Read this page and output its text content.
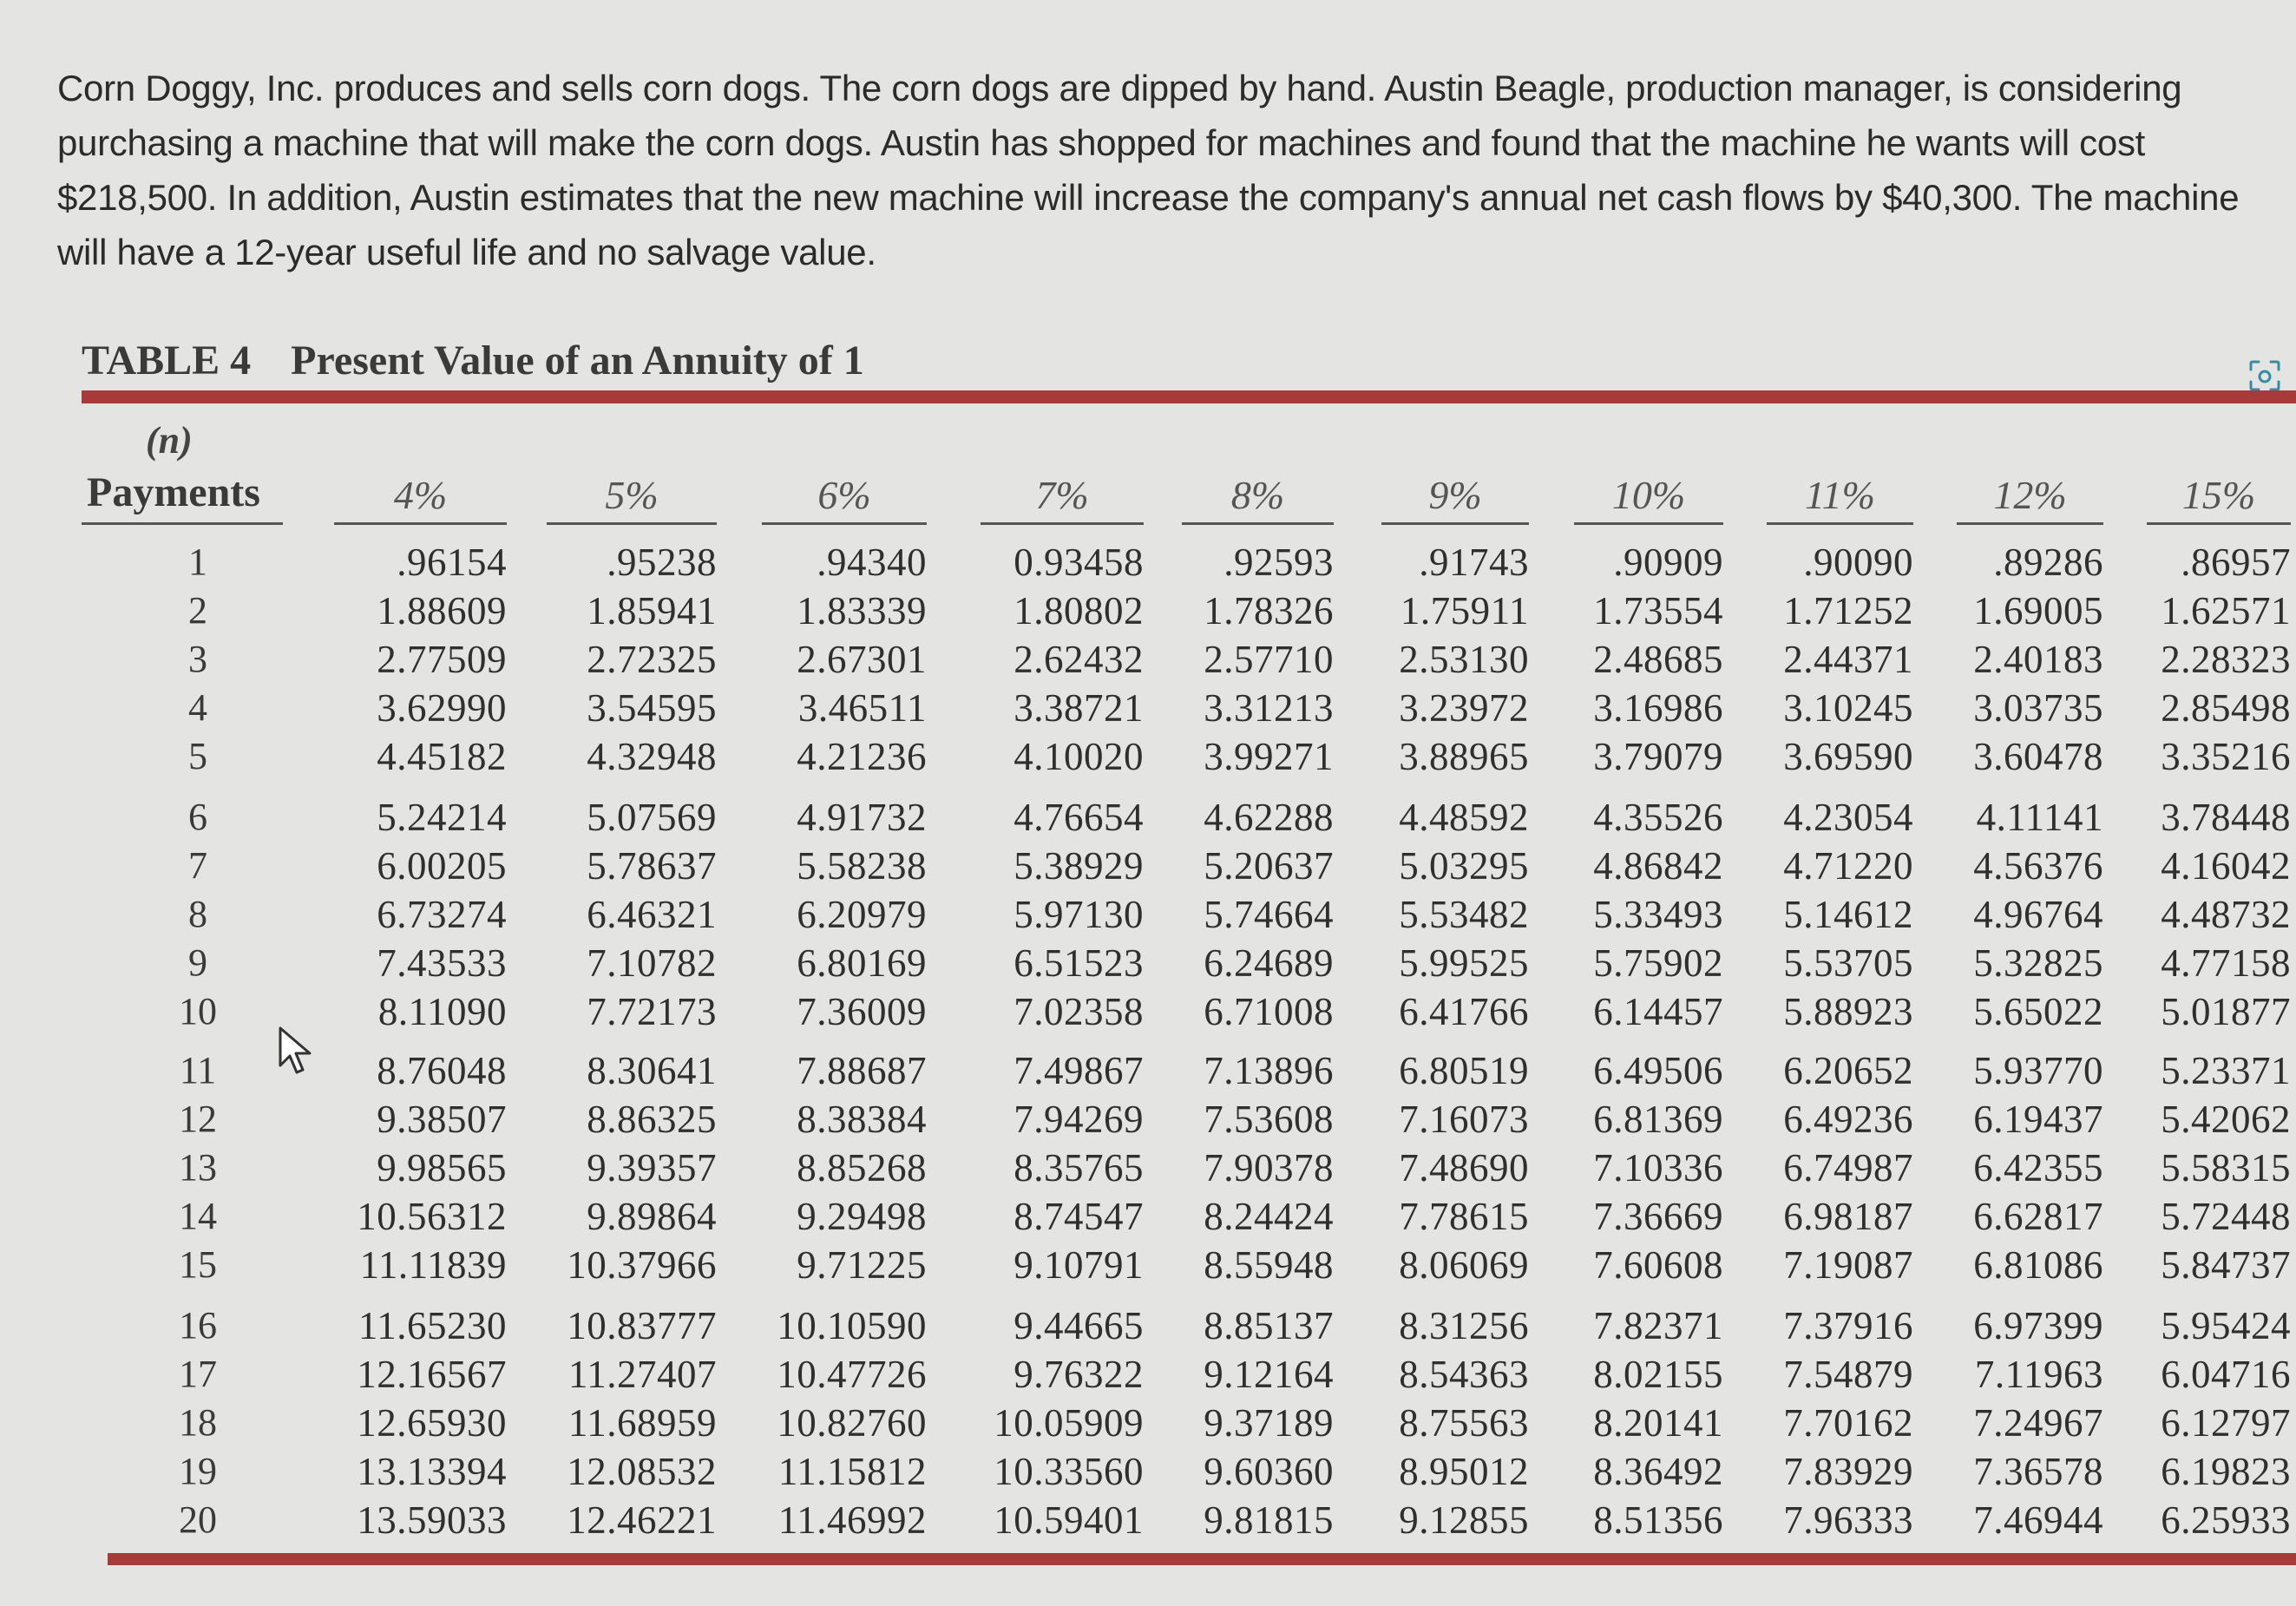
Corn Doggy, Inc. produces and sells corn dogs. The corn dogs are dipped by hand. Austin Beagle, production manager, is considering purchasing a machine that will make the corn dogs. Austin has shopped for machines and found that the machine he wants will cost $218,500. In addition, Austin estimates that the new machine will increase the company's annual net cash flows by $40,300. The machine will have a 12-year useful life and no salvage value.
TABLE 4 Present Value of an Annuity of 1
(n)
Payments	4%	5%	6%	7%	8%	9%	10%	11%	12%	15%
1	.96154	.95238	.94340	0.93458	.92593	.91743	.90909	.90090	.89286	.86957
2	1.88609	1.85941	1.83339	1.80802	1.78326	1.75911	1.73554	1.71252	1.69005	1.62571
3	2.77509	2.72325	2.67301	2.62432	2.57710	2.53130	2.48685	2.44371	2.40183	2.28323
4	3.62990	3.54595	3.46511	3.38721	3.31213	3.23972	3.16986	3.10245	3.03735	2.85498
5	4.45182	4.32948	4.21236	4.10020	3.99271	3.88965	3.79079	3.69590	3.60478	3.35216
6	5.24214	5.07569	4.91732	4.76654	4.62288	4.48592	4.35526	4.23054	4.11141	3.78448
7	6.00205	5.78637	5.58238	5.38929	5.20637	5.03295	4.86842	4.71220	4.56376	4.16042
8	6.73274	6.46321	6.20979	5.97130	5.74664	5.53482	5.33493	5.14612	4.96764	4.48732
9	7.43533	7.10782	6.80169	6.51523	6.24689	5.99525	5.75902	5.53705	5.32825	4.77158
10	8.11090	7.72173	7.36009	7.02358	6.71008	6.41766	6.14457	5.88923	5.65022	5.01877
11	8.76048	8.30641	7.88687	7.49867	7.13896	6.80519	6.49506	6.20652	5.93770	5.23371
12	9.38507	8.86325	8.38384	7.94269	7.53608	7.16073	6.81369	6.49236	6.19437	5.42062
13	9.98565	9.39357	8.85268	8.35765	7.90378	7.48690	7.10336	6.74987	6.42355	5.58315
14	10.56312	9.89864	9.29498	8.74547	8.24424	7.78615	7.36669	6.98187	6.62817	5.72448
15	11.11839	10.37966	9.71225	9.10791	8.55948	8.06069	7.60608	7.19087	6.81086	5.84737
16	11.65230	10.83777	10.10590	9.44665	8.85137	8.31256	7.82371	7.37916	6.97399	5.95424
17	12.16567	11.27407	10.47726	9.76322	9.12164	8.54363	8.02155	7.54879	7.11963	6.04716
18	12.65930	11.68959	10.82760	10.05909	9.37189	8.75563	8.20141	7.70162	7.24967	6.12797
19	13.13394	12.08532	11.15812	10.33560	9.60360	8.95012	8.36492	7.83929	7.36578	6.19823
20	13.59033	12.46221	11.46992	10.59401	9.81815	9.12855	8.51356	7.96333	7.46944	6.25933
